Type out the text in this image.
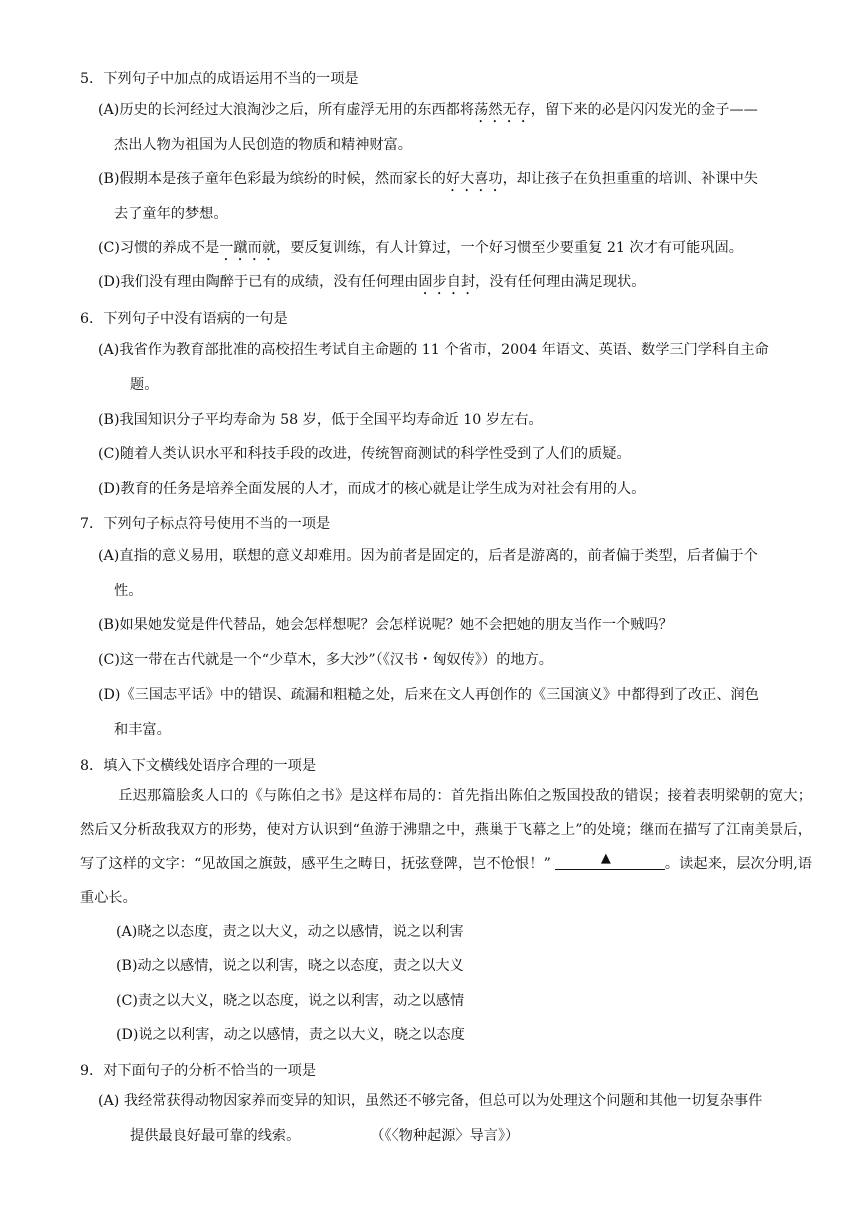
5．下列句子中加点的成语运用不当的一项是
(A)历史的长河经过大浪淘沙之后，所有虚浮无用的东西都将荡然无存，留下来的必是闪闪发光的金子——
杰出人物为祖国为人民创造的物质和精神财富。
(B)假期本是孩子童年色彩最为缤纷的时候，然而家长的好大喜功，却让孩子在负担重重的培训、补课中失
去了童年的梦想。
(C)习惯的养成不是一蹴而就，要反复训练，有人计算过，一个好习惯至少要重复 21 次才有可能巩固。
(D)我们没有理由陶醉于已有的成绩，没有任何理由固步自封，没有任何理由满足现状。
6．下列句子中没有语病的一句是
(A)我省作为教育部批准的高校招生考试自主命题的 11 个省市，2004 年语文、英语、数学三门学科自主命
题。
(B)我国知识分子平均寿命为 58 岁，低于全国平均寿命近 10 岁左右。
(C)随着人类认识水平和科技手段的改进，传统智商测试的科学性受到了人们的质疑。
(D)教育的任务是培养全面发展的人才，而成才的核心就是让学生成为对社会有用的人。
7．下列句子标点符号使用不当的一项是
(A)直指的意义易用，联想的意义却难用。因为前者是固定的，后者是游离的，前者偏于类型，后者偏于个
性。
(B)如果她发觉是件代替品，她会怎样想呢？会怎样说呢？她不会把她的朋友当作一个贼吗？
(C)这一带在古代就是一个“少草木，多大沙”（《汉书・匈奴传》）的地方。
(D)《三国志平话》中的错误、疏漏和粗糙之处，后来在文人再创作的《三国演义》中都得到了改正、润色
和丰富。
8．填入下文横线处语序合理的一项是
丘迟那篇脍炙人口的《与陈伯之书》是这样布局的：首先指出陈伯之叛国投敌的错误；接着表明梁朝的宽大；然后又分析敌我双方的形势，使对方认识到“鱼游于沸鼎之中，燕巢于飞幕之上”的处境；继而在描写了江南美景后，写了这样的文字：“见故国之旗鼓，感平生之畴日，抚弦登陴，岂不怆恨！”	▲	。读起来，层次分明,语重心长。
(A)晓之以态度，责之以大义，动之以感情，说之以利害
(B)动之以感情，说之以利害，晓之以态度，责之以大义
(C)责之以大义，晓之以态度，说之以利害，动之以感情
(D)说之以利害，动之以感情，责之以大义，晓之以态度
9．对下面句子的分析不恰当的一项是
(A) 我经常获得动物因家养而变异的知识，虽然还不够完备，但总可以为处理这个问题和其他一切复杂事件
提供最良好最可靠的线索。	（《〈物种起源〉导言》）
